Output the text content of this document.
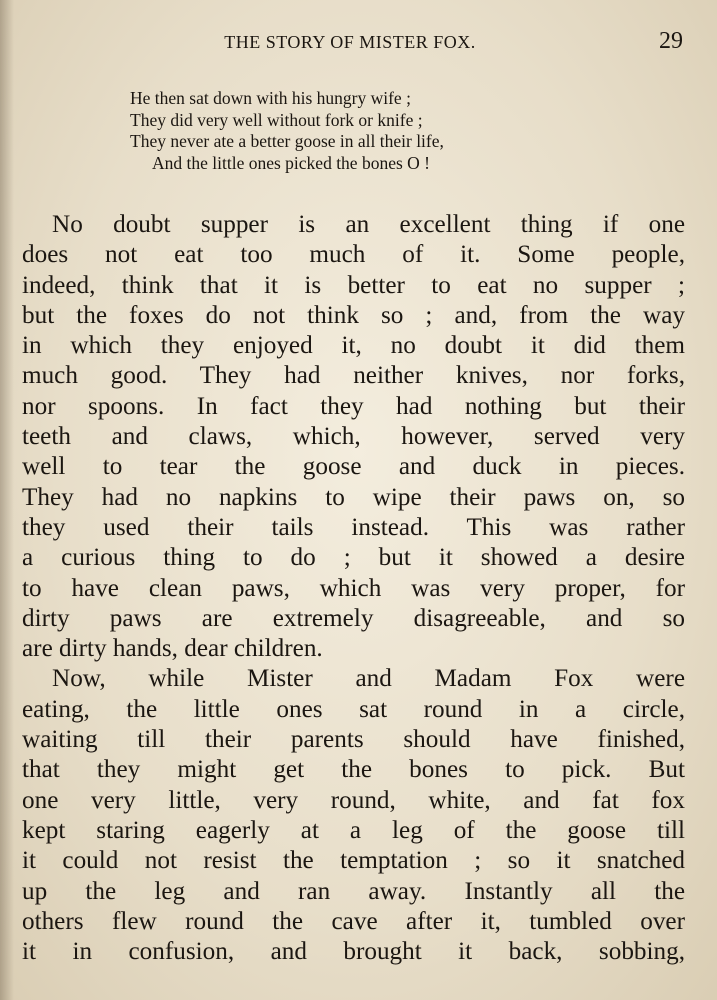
THE STORY OF MISTER FOX.	29
He then sat down with his hungry wife ;
They did very well without fork or knife ;
They never ate a better goose in all their life,
And the little ones picked the bones O !
No doubt supper is an excellent thing if one
does not eat too much of it. Some people,
indeed, think that it is better to eat no supper ;
but the foxes do not think so ; and, from the way
in which they enjoyed it, no doubt it did them
much good. They had neither knives, nor forks,
nor spoons. In fact they had nothing but their
teeth and claws, which, however, served very
well to tear the goose and duck in pieces.
They had no napkins to wipe their paws on, so
they used their tails instead. This was rather
a curious thing to do ; but it showed a desire
to have clean paws, which was very proper, for
dirty paws are extremely disagreeable, and so
are dirty hands, dear children.
Now, while Mister and Madam Fox were
eating, the little ones sat round in a circle,
waiting till their parents should have finished,
that they might get the bones to pick. But
one very little, very round, white, and fat fox
kept staring eagerly at a leg of the goose till
it could not resist the temptation ; so it snatched
up the leg and ran away. Instantly all the
others flew round the cave after it, tumbled over
it in confusion, and brought it back, sobbing,
